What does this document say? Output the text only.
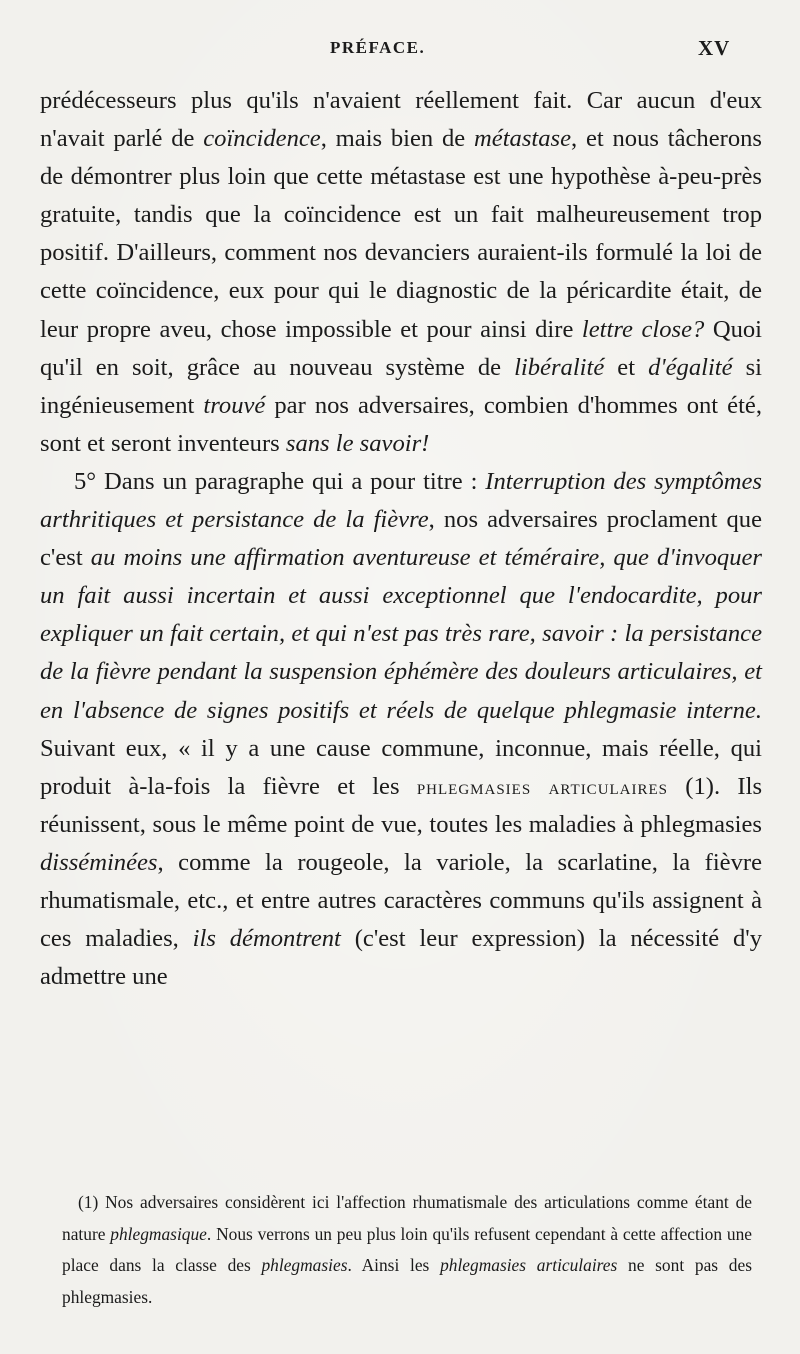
PRÉFACE.	XV

prédécesseurs plus qu'ils n'avaient réellement fait. Car aucun d'eux n'avait parlé de coïncidence, mais bien de métastase, et nous tâcherons de démontrer plus loin que cette métastase est une hypothèse à-peu-près gratuite, tandis que la coïncidence est un fait malheureusement trop positif. D'ailleurs, comment nos devanciers auraient-ils formulé la loi de cette coïncidence, eux pour qui le diagnostic de la péricardite était, de leur propre aveu, chose impossible et pour ainsi dire lettre close? Quoi qu'il en soit, grâce au nouveau système de libéralité et d'égalité si ingénieusement trouvé par nos adversaires, combien d'hommes ont été, sont et seront inventeurs sans le savoir!

5° Dans un paragraphe qui a pour titre : Interruption des symptômes arthritiques et persistance de la fièvre, nos adversaires proclament que c'est au moins une affirmation aventureuse et téméraire, que d'invoquer un fait aussi incertain et aussi exceptionnel que l'endocardite, pour expliquer un fait certain, et qui n'est pas très rare, savoir : la persistance de la fièvre pendant la suspension éphémère des douleurs articulaires, et en l'absence de signes positifs et réels de quelque phlegmasie interne. Suivant eux, « il y a une cause commune, inconnue, mais réelle, qui produit à-la-fois la fièvre et les phlegmasies articulaires (1). Ils réunissent, sous le même point de vue, toutes les maladies à phlegmasies disséminées, comme la rougeole, la variole, la scarlatine, la fièvre rhumatismale, etc., et entre autres caractères communs qu'ils assignent à ces maladies, ils démontrent (c'est leur expression) la nécessité d'y admettre une

(1) Nos adversaires considèrent ici l'affection rhumatismale des articulations comme étant de nature phlegmasique. Nous verrons un peu plus loin qu'ils refusent cependant à cette affection une place dans la classe des phlegmasies. Ainsi les phlegmasies articulaires ne sont pas des phlegmasies.
